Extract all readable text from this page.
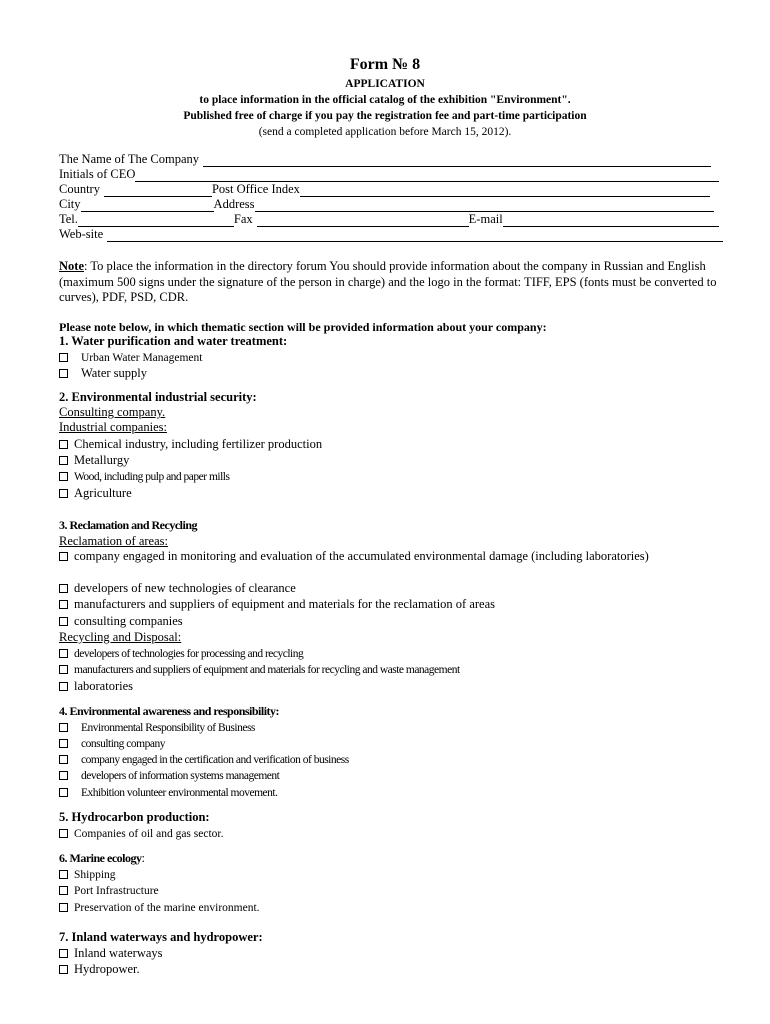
Form № 8
APPLICATION
to place information in the official catalog of the exhibition "Environment".
Published free of charge if you pay the registration fee and part-time participation
(send a completed application before March 15, 2012).
The Name of The Company
Initials of CEO
Country	Post Office Index
City	Address
Tel.	Fax	E-mail
Web-site
Note: To place the information in the directory forum You should provide information about the company in Russian and English (maximum 500 signs under the signature of the person in charge) and the logo in the format: TIFF, EPS (fonts must be converted to curves), PDF, PSD, CDR.
Please note below, in which thematic section will be provided information about your company:
1. Water purification and water treatment:
Urban Water Management
Water supply
2. Environmental industrial security:
Consulting company.
Industrial companies:
Chemical industry, including fertilizer production
Metallurgy
Wood, including pulp and paper mills
Agriculture
3. Reclamation and Recycling
Reclamation of areas:
company engaged in monitoring and evaluation of the accumulated environmental damage (including laboratories)
developers of new technologies of clearance
manufacturers and suppliers of equipment and materials for the reclamation of areas
consulting companies
Recycling and Disposal:
developers of technologies for processing and recycling
manufacturers and suppliers of equipment and materials for recycling and waste management
laboratories
4. Environmental awareness and responsibility:
Environmental Responsibility of Business
consulting company
company engaged in the certification and verification of business
developers of information systems management
Exhibition volunteer environmental movement.
5. Hydrocarbon production:
Companies of oil and gas sector.
6. Marine ecology:
Shipping
Port Infrastructure
Preservation of the marine environment.
7. Inland waterways and hydropower:
Inland waterways
Hydropower.
